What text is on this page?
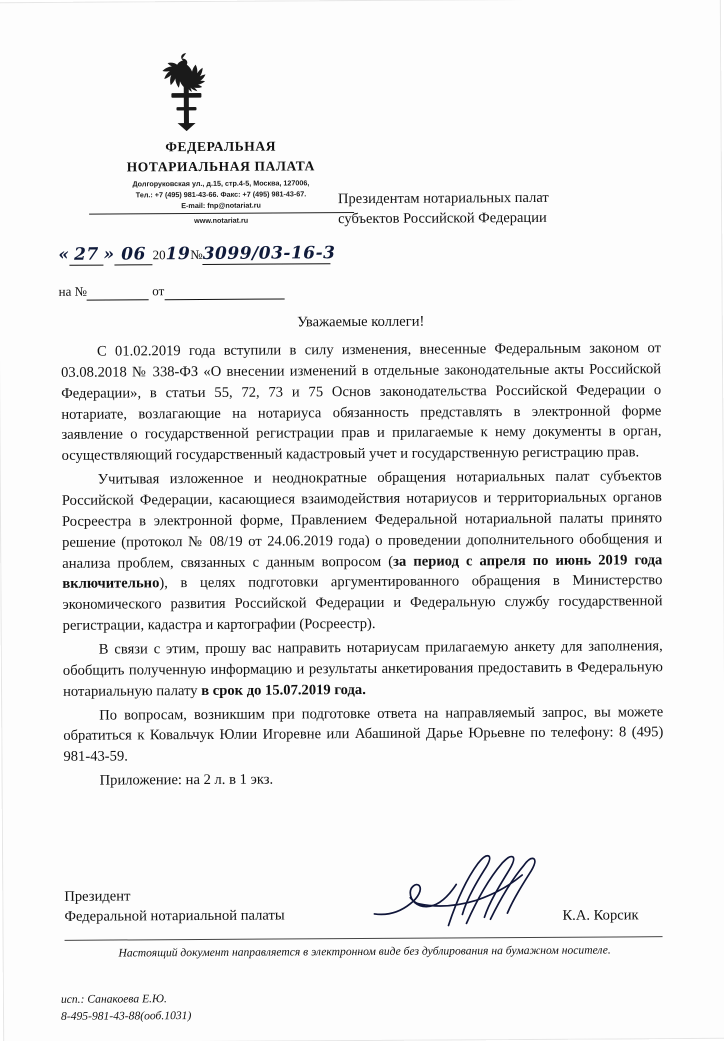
ФЕДЕРАЛЬНАЯ
НОТАРИАЛЬНАЯ ПАЛАТА
Долгоруковская ул., д.15, стр.4-5, Москва, 127006,
Тел.: +7 (495) 981-43-66. Факс: +7 (495) 981-43-67.
E-mail: fnp@notariat.ru
www.notariat.ru
« 27 » 06 2019№3099/03-16-3
на №	от
Президентам нотариальных палат
субъектов Российской Федерации
Уважаемые коллеги!

С 01.02.2019 года вступили в силу изменения, внесенные Федеральным законом от 03.08.2018 № 338-ФЗ «О внесении изменений в отдельные законодательные акты Российской Федерации», в статьи 55, 72, 73 и 75 Основ законодательства Российской Федерации о нотариате, возлагающие на нотариуса обязанность представлять в электронной форме заявление о государственной регистрации прав и прилагаемые к нему документы в орган, осуществляющий государственный кадастровый учет и государственную регистрацию прав.

Учитывая изложенное и неоднократные обращения нотариальных палат субъектов Российской Федерации, касающиеся взаимодействия нотариусов и территориальных органов Росреестра в электронной форме, Правлением Федеральной нотариальной палаты принято решение (протокол № 08/19 от 24.06.2019 года) о проведении дополнительного обобщения и анализа проблем, связанных с данным вопросом (за период с апреля по июнь 2019 года включительно), в целях подготовки аргументированного обращения в Министерство экономического развития Российской Федерации и Федеральную службу государственной регистрации, кадастра и картографии (Росреестр).

В связи с этим, прошу вас направить нотариусам прилагаемую анкету для заполнения, обобщить полученную информацию и результаты анкетирования предоставить в Федеральную нотариальную палату в срок до 15.07.2019 года.

По вопросам, возникшим при подготовке ответа на направляемый запрос, вы можете обратиться к Ковальчук Юлии Игоревне или Абашиной Дарье Юрьевне по телефону: 8 (495) 981-43-59.

Приложение: на 2 л. в 1 экз.

Президент
Федеральной нотариальной палаты	К.А. Корсик
Настоящий документ направляется в электронном виде без дублирования на бумажном носителе.
исп.: Санакоева Е.Ю.
8-495-981-43-88(ооб.1031)
